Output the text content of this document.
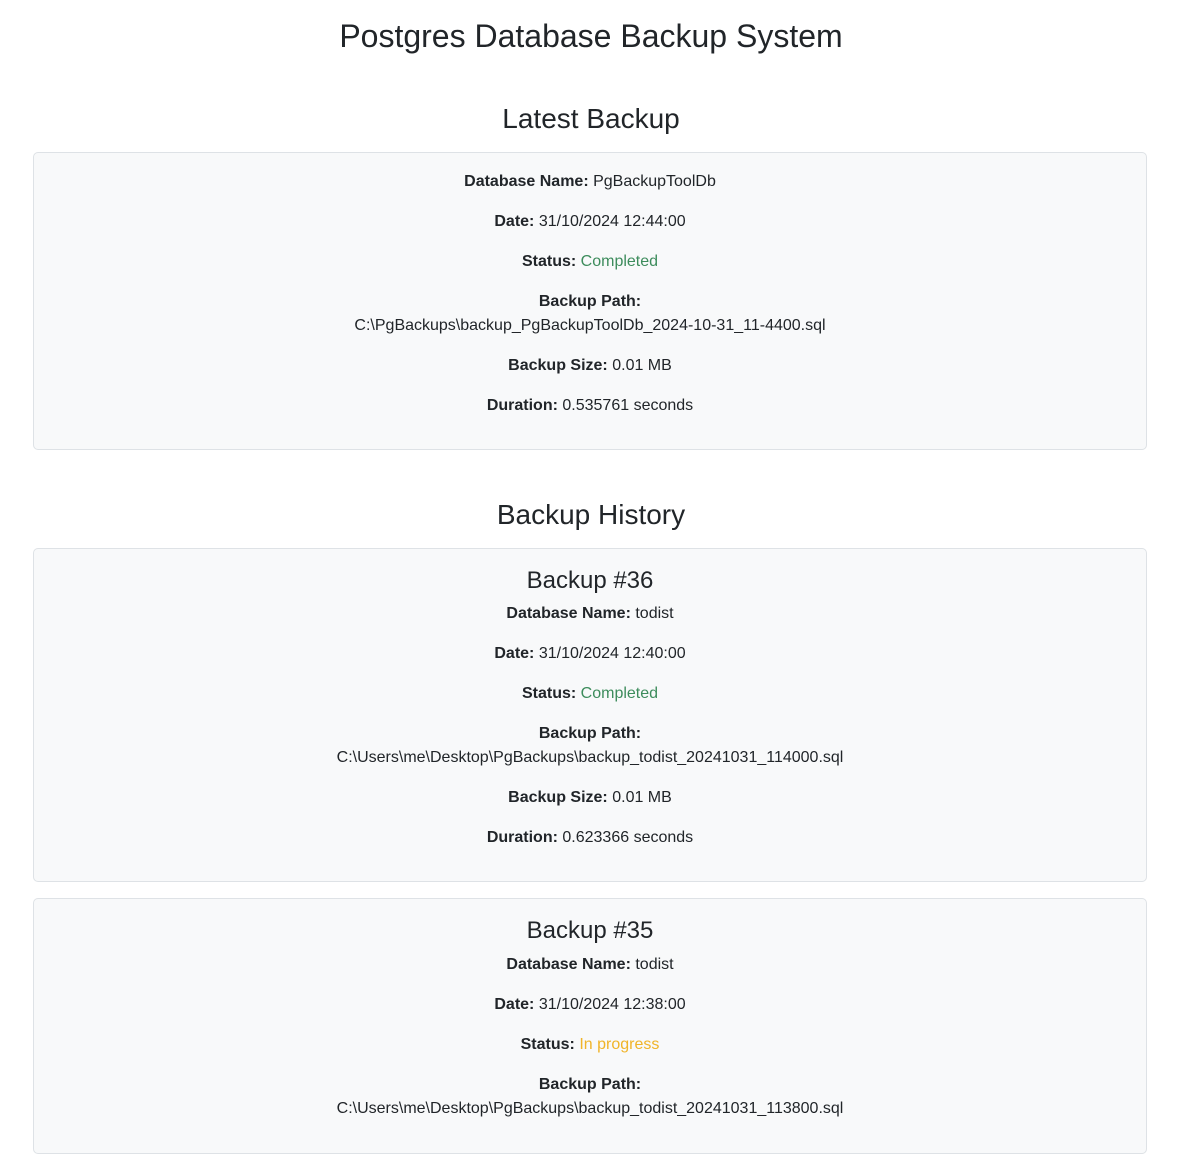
Postgres Database Backup System
Latest Backup
Database Name: PgBackupToolDb
Date: 31/10/2024 12:44:00
Status: Completed
Backup Path:
C:\PgBackups\backup_PgBackupToolDb_2024-10-31_11-4400.sql
Backup Size: 0.01 MB
Duration: 0.535761 seconds
Backup History
Backup #36
Database Name: todist
Date: 31/10/2024 12:40:00
Status: Completed
Backup Path:
C:\Users\me\Desktop\PgBackups\backup_todist_20241031_114000.sql
Backup Size: 0.01 MB
Duration: 0.623366 seconds
Backup #35
Database Name: todist
Date: 31/10/2024 12:38:00
Status: In progress
Backup Path:
C:\Users\me\Desktop\PgBackups\backup_todist_20241031_113800.sql
